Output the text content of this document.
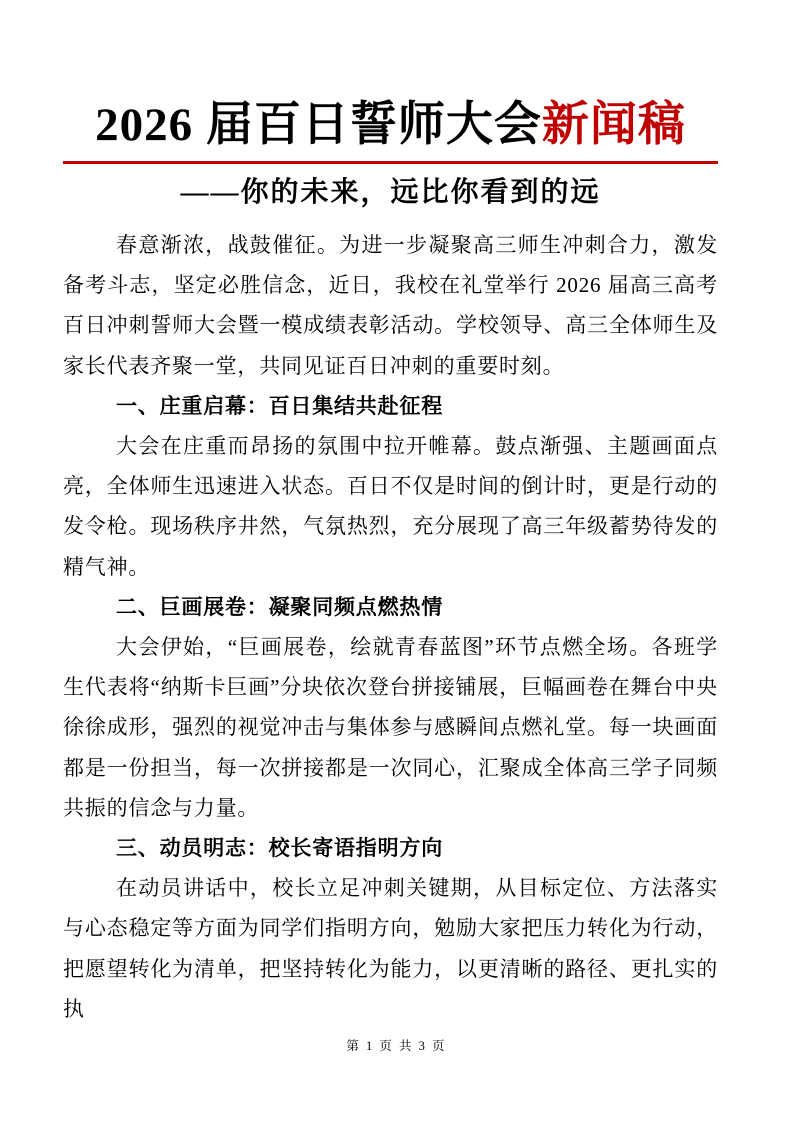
2026 届百日誓师大会新闻稿
——你的未来，远比你看到的远

春意渐浓，战鼓催征。为进一步凝聚高三师生冲刺合力，激发备考斗志，坚定必胜信念，近日，我校在礼堂举行 2026 届高三高考百日冲刺誓师大会暨一模成绩表彰活动。学校领导、高三全体师生及家长代表齐聚一堂，共同见证百日冲刺的重要时刻。

一、庄重启幕：百日集结共赴征程

大会在庄重而昂扬的氛围中拉开帷幕。鼓点渐强、主题画面点亮，全体师生迅速进入状态。百日不仅是时间的倒计时，更是行动的发令枪。现场秩序井然，气氛热烈，充分展现了高三年级蓄势待发的精气神。

二、巨画展卷：凝聚同频点燃热情

大会伊始，“巨画展卷，绘就青春蓝图”环节点燃全场。各班学生代表将“纳斯卡巨画”分块依次登台拼接铺展，巨幅画卷在舞台中央徐徐成形，强烈的视觉冲击与集体参与感瞬间点燃礼堂。每一块画面都是一份担当，每一次拼接都是一次同心，汇聚成全体高三学子同频共振的信念与力量。

三、动员明志：校长寄语指明方向

在动员讲话中，校长立足冲刺关键期，从目标定位、方法落实与心态稳定等方面为同学们指明方向，勉励大家把压力转化为行动，把愿望转化为清单，把坚持转化为能力，以更清晰的路径、更扎实的执

第 1 页 共 3 页
